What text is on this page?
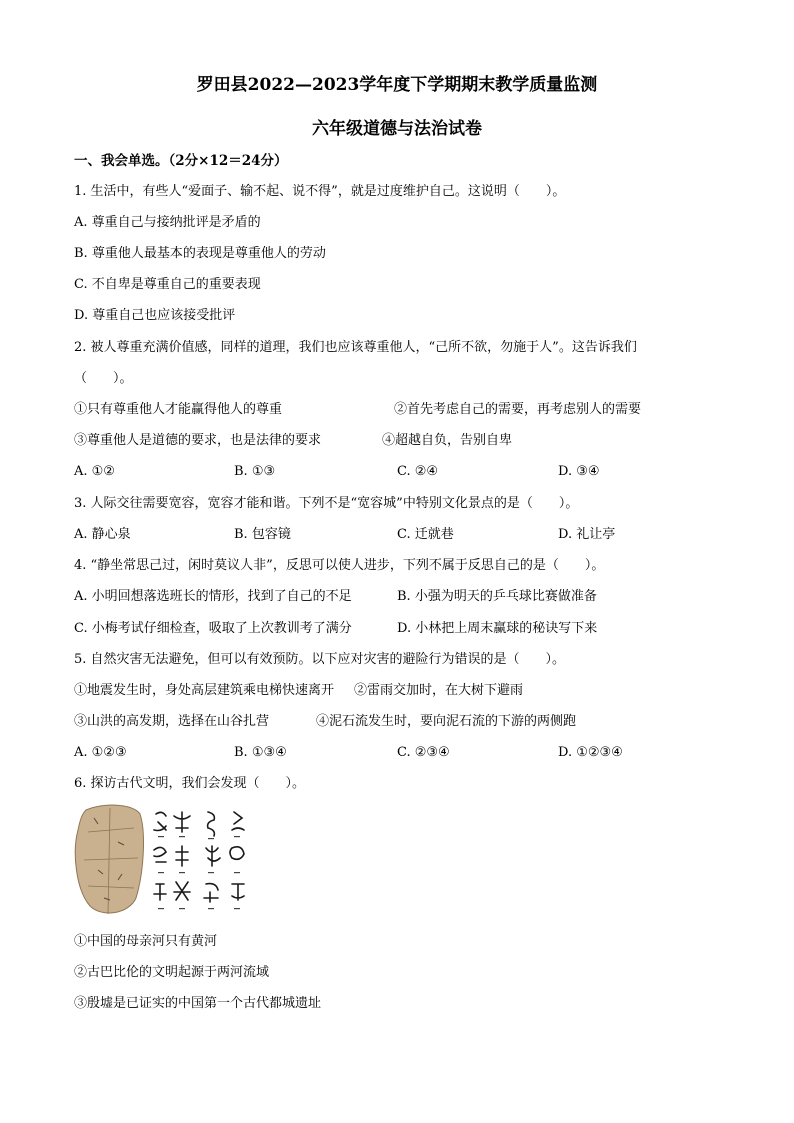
罗田县2022—2023学年度下学期期末教学质量监测
六年级道德与法治试卷
一、我会单选。（2分×12＝24分）
1. 生活中，有些人“爱面子、输不起、说不得”，就是过度维护自己。这说明（　　）。
A. 尊重自己与接纳批评是矛盾的
B. 尊重他人最基本的表现是尊重他人的劳动
C. 不自卑是尊重自己的重要表现
D. 尊重自己也应该接受批评
2. 被人尊重充满价值感，同样的道理，我们也应该尊重他人，“己所不欲，勿施于人”。这告诉我们
（　　）。
①只有尊重他人才能赢得他人的尊重	②首先考虑自己的需要，再考虑别人的需要
③尊重他人是道德的要求，也是法律的要求	④超越自负，告别自卑
A. ①②	B. ①③	C. ②④	D. ③④
3. 人际交往需要宽容，宽容才能和谐。下列不是“宽容城”中特别文化景点的是（　　）。
A. 静心泉	B. 包容镜	C. 迁就巷	D. 礼让亭
4. “静坐常思己过，闲时莫议人非”，反思可以使人进步，下列不属于反思自己的是（　　）。
A. 小明回想落选班长的情形，找到了自己的不足	B. 小强为明天的乒乓球比赛做准备
C. 小梅考试仔细检查，吸取了上次教训考了满分	D. 小林把上周末赢球的秘诀写下来
5. 自然灾害无法避免，但可以有效预防。以下应对灾害的避险行为错误的是（　　）。
①地震发生时，身处高层建筑乘电梯快速离开 ②雷雨交加时，在大树下避雨
③山洪的高发期，选择在山谷扎营	④泥石流发生时，要向泥石流的下游的两侧跑
A. ①②③	B. ①③④	C. ②③④	D. ①②③④
6. 探访古代文明，我们会发现（　　）。
①中国的母亲河只有黄河
②古巴比伦的文明起源于两河流域
③殷墟是已证实的中国第一个古代都城遗址
